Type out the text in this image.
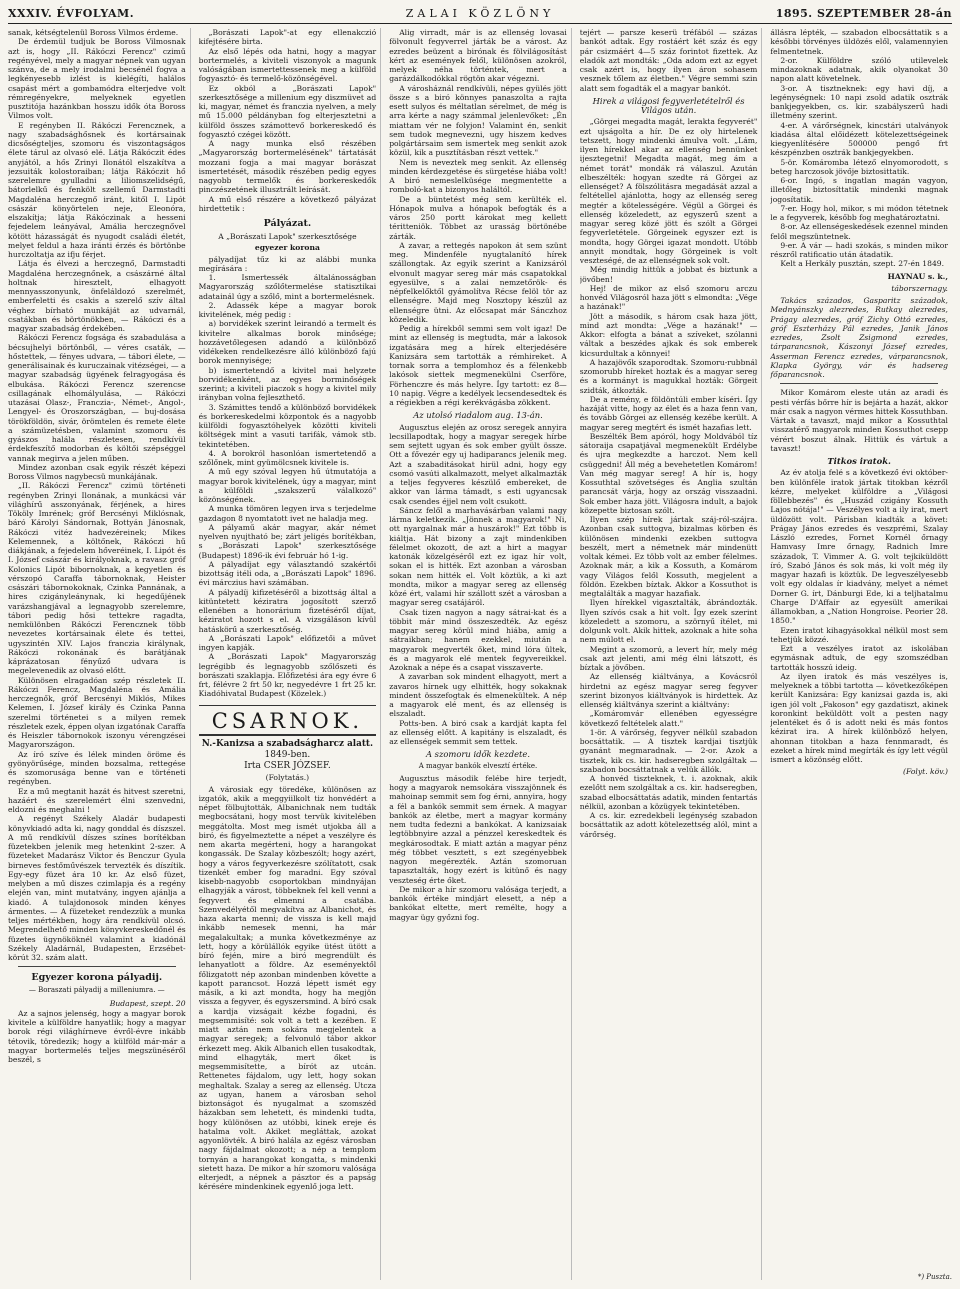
XXXIV. ÉVFOLYAM.	ZALAI KÖZLÖNY	1895. SZEPTEMBER 28-án

sanak, kétségtelenül Boross Vilmos érdeme.

De érdemül tudjuk be Boross Vilmosnak azt is, hogy „II. Rákóczi Ferencz" czimű regényével, mely a magyar népnek van ugyan szánva, de a mely irodalmi becsénél fogva a legkényesebb izlést is kielégíti, halálos csapást mért a gombamódra elterjedve volt rémregényekre, melyeknek egyetlen pusztitója hazánkban hosszu idők óta Boross Vilmos volt.

E regényben II. Rákóczi Ferencznek, a nagy szabadsághősnek és kortársainak dicsőségteljes, szomoru és viszontagságos élete tárul az olvasó elé. Látja Rákóczit édes anyjától, a hős Zrinyi Ilonától elszakítva a jezsuiták kolostoraiban; látja Rákóczit hő szerelemre gyulladni a liliomszelidségű, bátorlelkű és fenkölt szellemű Darmstadti Magdaléna herczegnő iránt, kitől I. Lipót császár könyörtelen neje, Eleonóra, elszakítja; látja Rákóczinak a hesseni fejedelem leányával, Amália herczegnővel kötött házasságát és nyugodt családi életét, melyet feldul a haza iránti érzés és börtönbe hurczoltatja az ifju férjet.

Látja és élvezi a herczegnő, Darmstadti Magdaléna herczegnőnek, a császárné által holtnak hiresztelt, elhagyott mennyasszonyunk, önfeláldozó szerelmét, emberfeletti és csakis a szerelő szív által véghez bírható munkáját az udvarnál, csatákban és börtönökben, — Rákóczi és a magyar szabadság érdekében.

Rákóczi Ferencz fogsága és szabadulása a bécsujhelyi börtönből, — véres csaták, — hőstettek, — fényes udvara, — tábori élete, — generálisainak és kuruczainak vitézségei, — a magyar szabadság ügyének felragyogása és elbukása. Rákóczi Ferencz szerencse csillagának elhomályulása, — Rákóczi utazásai Olasz-, Franczia-, Német-, Angol-, Lengyel- és Oroszországban, — buj-dosása törökföldön, sivár, örömtelen és remete élete a számüzetésben, valamint szomoru és gyászos halála részletesen, rendkívül érdekfeszítő modorban és költői szépséggel vannak megirva a jelen műben.

Mindez azonban csak egyik részét képezi Boross Vilmos nagybecsü munkájának.

„II. Rákóczi Ferencz" czimü történeti regényben Zrinyi Ilonának, a munkácsi vár világhírű asszonyának, férjének, a hires Tököly Imrének; gróf Bercsényi Miklósnak, báró Károlyi Sándornak, Bottyán Jánosnak, Rákóczi vitéz hadvezéreinek; Mikes Kelemennek, a költőnek, Rákóczi hű diákjának, a fejedelem hőveréinek, I. Lipót és I. József császár és királyoknak, a ravasz gróf Kolonics Lipót bibornoknak, a kegyetlen és vérszopó Caraffa tábornoknak, Heister császári tábornokoknak, Czinka Pannának, a hires czigányleánynak, ki hegedűjének varázshangjával a legnagyobb szerelemre, tábori pedig hősi tettekre ragadta, nemkülönben Rákóczi Ferencznek több nevezetes kortársainak élete és tettei, ugyszintén XIV. Lajos franczia királynak, Rákóczi rokonának és barátjának káprázatosan fényűző udvara is megelevenedik az olvasó előtt.

Különösen elragadóan szép részletek II. Rákóczi Ferencz, Magdaléna és Amália herczegnők, gróf Bercsényi Miklós, Mikes Kelemen, I. József király és Czinka Panna szerelmi történetei s a milyen remek részletek ezek, éppen olyan izgatónak Caraffa és Heiszler tábornokok iszonyu vérengzései Magyarországon.

Az író szíve és lélek minden öröme és gyönyörűsége, minden bozsalma, rettegése és szomorusága benne van e történeti regényben.

Ez a mű megtanit hazát és hitvest szeretni, hazáért és szerelemért élni szenvedni, eldozni és meghalni !

A regényt Székely Aladár budapesti könyvkiadó adta ki, nagy gonddal és díszszel. A mű rendkívül díszes színes borítékban füzetekben jelenik meg hetenkint 2-szer. A füzeteket Madarász Viktor és Benczur Gyula birneves festőművészek tervezték és díszítik. Egy-egy füzet ára 10 kr. Az első füzet, melyben a mű diszes czimlapja és a regény elején van, mint mutatvány, ingyen ajánlja a kiadó. A tulajdonosok minden kényes ármentes. — A füzeteket rendezzük a munka teljes mértékben, hogy ára rendkívül olcsó. Megrendelhető minden könyvkereskedőnél és füzetes ügynököknél valamint a kiadónál Székely Aladárnál, Budapesten, Erzsébet-körút 32. szám alatt.

Egyezer korona pályadij.
— Boraszati pályadij a milleniumra. —
Budapest, szept. 20

Az a sajnos jelenség, hogy a magyar borok kivitele a külföldre hanyatlik; hogy a magyar borok régi világhírneve évről-évre inkább tétovik, töredezik; hogy a külföld már-már a magyar bortermelés teljes megszünéséről beszél, s

„Borászati Lapok"-at egy ellenakczió kifejtésére birta.

Az első lépés oda hatni, hogy a magyar bortermelés, a kiviteli viszonyok a magunk valóságában ismertettessenek meg a külföld fogyasztó- és termelő-közönségével.

Ez okból a „Borászati Lapok" szerkesztősége a millenium egy diszmüvet ad ki, magyar, német és franczia nyelven, a mely mű 15.000 példányban fog elterjesztetni a külföld összes számottevő borkereskedő és fogyasztó czégei között.

A nagy munka első részében „Magyarország bortermelésének" tártatását mozzani fogja a mai magyar borászat ismertetését, második részében pedig egyes nagyobb termelők és borkereskedők pinczészetének illusztrált leírását.

A mű első részére a következő pályázat hirdettetik :

Pályázat.
A „Borászati Lapok" szerkesztősége
egyezer korona

pályadíjat tűz ki az alábbi munka megírására :

1. Ismertessék általánosságban Magyarország szőlőtermelése statisztikai adatainál úgy a szőlő, mint a bortermelésnek.

2. Adassék képe a magyar borok kivitelének, még pedig :

a) borvidékek szerint leirandó a termelt és kivitelre alkalmas borok minősége; hozzávetőlegesen adandó a különböző vidékeken rendelkezésre álló különböző fajú borok mennyisége;

b) ismertetendő a kivitel mai helyzete borvidékenként, az egyes borminőségek szerint; a kiviteli piaczok s hogy a kivitel mily irányban volna fejleszthető.

3. Számittes tendő a különböző borvidékek és borkereskedelmi központok és a nagyobb külföldi fogyasztóhelyek közötti kiviteli költségek mint a vasuti tarifák, vámok stb. tekintetében.

4. A borokról hasonlóan ismertetendő a szőlőnek, mint gyümölcsnek kivitele is.

A mű egy szóval legyen hű útmutatója a magyar borok kivitelének, úgy a magyar, mint a külföldi „szakszerű válalkozó" közönségének.

A munka tömören legyen irva s terjedelme gazdagon 8 nyomtatott ivet ne haladja meg.

A pályamű akár magyar, akár német nyelven nyujtható be; zárt jeligés borítékban, s „Borászati Lapok" szerkesztősége (Budapest) 1896-ik évi február hó 1-ig.

A pályadíjat egy választandó szakértői bizottság itéli oda, a „Borászati Lapok" 1896. évi márczius havi számában.

A pályadíj kifizetéséről a bizottság által a kitüntetett kéziratra jogosított szerző ellenében a honorárium fizetéséről díjat, kéziratot hozott s el. A vizsgáláson kívül hatáskörű a szerkesztőség.

A „Borászati Lapok" előfizetői a művet ingyen kapják.

A „Borászati Lapok" Magyarország legrégibb és legnagyobb szőlőszeti és borászati szaklapja. Előfizetési ára egy évre 6 frt, félévre 2 frt 50 kr, negyedévre 1 frt 25 kr. Kiadóhivatal Budapest (Közelek.)

CSARNOK.
N.-Kanizsa a szabadságharcz alatt.
1849-ben.
Irta CSER JÓZSEF.
(Folytatás.)

A városiak egy töredéke, különösen az izgatók, akik a meggyiilkolt tiz honvédért a népet fölbujtották, Albanichnak nem tudták megbocsátani, hogy most tervük kivitelében meggátolta. Most meg ismét utjokba áll a biró, és figyelmeztette a népet a veszélyre és nem akarta megérteni, hogy a harangokat kongassák. De Szalay közbeszólt; hogy azért, hogy a város fegyverkezésre szólítatott, csak tizenkét ember fog maradni. Egy szóval kisebb-nagyobb csoportokban mindnyájan elhagyják a várost, többeknek fel kell venni a fegyvert és elmenni a csatába. Szenvedélyétől megvakítva az Albanichot, és haza akarta menni; de vissza is kell majd inkább nemesek menni, ha már megalakultak; a munka következménye az lett, hogy a körülállók egyike ütést ütött a bíró fején, mire a biró megrendült és lehanyatlott a földre. Az eseményektől főlizgatott nép azonban mindenben követte a kapott parancsot. Hozzá lépett ismét egy másik, a ki azt mondta, hogy ha megjön vissza a fegyver, és egyszersmind. A bíró csak a kardja vizságait kézbe fogadni, és megsemmisíté: sok volt a tett a kezében. E miatt aztán nem sokára megjelentek a magyar seregek; a felvonuló tábor akkor érkezett meg. Akik Albanich ellen tusakodtak, mind elhagyták, mert őket is megsemmisítette, a bírót az utcán. Rettenetes fájdalom, ugy lett, hogy sokan meghaltak. Szalay a sereg az ellenség. Utcza az ugyan, hanem a városban sehol biztonságot és nyugalmat a szomszéd házakban sem lehetett, és mindenki tudta, hogy különösen az utóbbi, kinek ereje és hatalma volt. Akiket megláttak, azokat agyonlövték. A biró halála az egész városban nagy fájdalmat okozott; a nép a templom tornyán a harangokat kongatta, s mindenki sietett haza. De mikor a hír szomoru valósága elterjedt, a népnek a pásztor és a papság kérésére mindenkinek egyenlő joga lett.

Alig virradt, már is az ellenség lovasai fölvonult fegyverrel járták be a várost. Az ezredes beüzent a birónak és fölvilágosítást kért az események felől, különösen azokról, melyek néha történtek, mert a garázdálkodókkal rögtön akar végezni.

A városháznál rendkívüli, népes gyülés jött össze s a biró könnyes panaszolta a rajta esett sulyos és méltatlan sérelmet, de még is arra kérte a nagy számmal jelenlevőket: „Én miattam vér ne folyjon! Valamint én, senkit sem tudok megnevezni, ugy hiszem kedves polgártársaim sem ismertek meg senkit azok közül, kik a pusztításban részt vettek."

Nem is neveztek meg senkit. Az ellenség minden kérdezgetése és sürgetése hiába volt! A biró nemeslelküsége megmentette a romboló-kat a bizonyos haláltól.

De a büntetést még sem kerülték el. Hónapok mulva a hónapok befogták és a város 250 portt károkat meg kellett téritteniök. Többet az urasság börtönébe zárták.

A zavar, a rettegés napokon át sem szünt meg. Mindenféle nyugtalanító hírek szállongtak. Az egyik szerint a Kanizsáról elvonult magyar sereg már más csapatokkal egyesülve, s a zalai nemzetőrök- és népfelkelőktől gyámolítva Récse felöl tör az ellenségre. Majd meg Nosztopy készül az ellenségre ütni. Az előcsapat már Sánczhoz közeledik.

Pedig a hírekből semmi sem volt igaz! De mint az ellenség is megtudta, már a lakosok izgatására meg a hírek elterjedésére Kanizsára sem tartották a rémhireket. A tornak sorra a templomhoz és a félenkebb lakósok siettek megmenekülni Cserföre, Förhenczre és más helyre. Így tartott: ez 8—10 napig. Végre a kedélyek lecsendesedtek és a régiekben a régi kerékvágásba zökkent.

Az utolsó riadalom aug. 13-án.

Augusztus elején az orosz seregek annyira lecsillapodtak, hogy a magyar seregek hírbe sem sejtett ugyan és sok ember gyült össze. Ott a fővezér egy uj hadiparancs jelenik meg. Azt a szabaditásokat hirül adni, hogy egy csomó vasúti alkalmazott, melyet alkalmazták a teljes fegyveres készülő embereket, de akkor van lárma támadt, s esti ugyancsak csak csendes éjjel nem volt csukott.

Sáncz felől a marhavásárban valami nagy lárma keletkezik. „Jönnek a magyarok!" Ni, ott nyargalnak már a huszárok!" Ezt több is kiáltja. Hát bizony a zajt mindenkiben félelmet okozott, de azt a hirt a magyar katonák közelgéséről ezt ez igaz hír volt, sokan el is hitték. Ezt azonban a városban sokan nem hitték el. Volt köztük, a ki azt mondta, mikor a magyar sereg az ellenség közé ért, valami hír szállott szét a városban a magyar sereg csatájáról.

Csak tizen nagyon a nagy sátrai-kat és a többit már mind összeszedték. Az egész magyar sereg körül mind hiába, amig a sátraikban; hanem ezekkel, miután a magyarok megverték őket, mind lóra ültek, és a magyarok elé mentek fegyvereikkel. Azoknak a népe és a csapat visszaverte.

A zavarban sok mindent elhagyott, mert a zavaros hírnek ugy elhitték, hogy sokaknak mindent összefogtak és elmenekültek. A nép a magyarok elé ment, és az ellenség is elszaladt.

Potts-ben. A biró csak a kardját kapta fel az ellenség előtt. A kapitány is elszaladt, és az ellenségek semmit sem tettek.

A szomoru idők kezdete.
A magyar bankók elvesztí értéke.

Augusztus második felébe hire terjedt, hogy a magyarok nemsokára visszajönnek és mahoinap semmit sem fog érni, annyira, hogy a fél a bankók semmit sem érnek. A magyar bankók az életbe, mert a magyar kormány nem tudta fedezni a bankókat. A kanizsaiak legtöbbnyire azzal a pénzzel kereskedtek és megkárosodtak. E miatt aztán a magyar pénz még többet vesztett, s ezt szegényebbek nagyon megérezték. Aztán szomoruan tapasztalták, hogy ezért is kitünő és nagy veszteség érte őket.

De mikor a hír szomoru valósága terjedt, a bankók értéke mindjárt elesett, a nép a bankókat eltette, mert remélte, hogy a magyar ügy győzni fog.

tejért — parsze keserü tréfából — százas bankót adtak. Egy rostáért két száz és egy pár csizmáért 4—5 száz forintot fizettek. Az eladók azt mondták: „Oda adom ezt az egyet csak azért is, hogy ilyen áron sohasem vesznek tőlem az életben." Végre semmi szin alatt sem fogadták el a magyar bankót.

Hirek a világosi fegyverletételről és Világos után.

„Görgei megadta magát, lerakta fegyverét" ezt ujságolta a hír. De ez oly hirtelenek tetszett, hogy mindenki ámulva volt. „Lám, ilyen hírekkel akar az ellenség bennünket ijesztegetni! Megadta magát, meg ám a német torát" mondák rá válaszul. Azután elbeszélték: hogyan szedte rá Görgei az ellenséget? A fölszólitásra megadását azzal a feltétellel ajánlotta, hogy az ellenség sereg megtér a kötelességére. Végül a Görgei és ellenség közeledett, az egyszerű szent a magyar sereg közé jött és szólt a Görgei fegyverletétele. Görgeinek egyszer ezt is mondta, hogy Görgei igazat mondott. Utóbb annyit mondtak, hogy Görgeinek is volt veszteségé, de az ellenségnek sok volt.

Még mindig hittük a jobbat és biztunk a jövőben!

Hej! de mikor az első szomoru arczu honvéd Világosról haza jött s elmondta: „Vége a hazának!"

Jött a második, s három csak haza jött, mind azt mondta: „Vége a hazának!" — Akkor: elfogta a bánat a szíveket, szólanni váltak a beszédes ajkak és sok emberek kicsurdultak a könnyei!

A hazajövők szaporodtak. Szomoru-rubbnál szomorubb híreket hoztak és a magyar sereg és a kormányt is magukkal hozták: Görgeit szidták, átkozták.

De a remény, e földöntúli ember kíséri. Így hazáját vitte, hogy az élet és a haza fenn van, és tovább Görgei az ellenség kezébe került. A magyar sereg megtért és ismét hazafias lett.

Beszélték Bem apóról, hogy Moldvából tíz sátoraija csapatjával megmenekült Erdélybe és ujra megkezdte a harczot. Nem kell csüggedni! Áll még a bevehetetlen Komárom! Van még magyar sereg! A hír is, hogy Kossuthtal szövetséges és Anglia szultán parancsát várja, hogy az ország visszaadni. Sok ember haza jött. Világosra indult, a bajok közepette biztosan szólt.

Ilyen szép hírek jártak száj-ról-szájra. Azonban csak suttogva, bizalmas körben és különösen mindenki ezekben suttogva beszélt, mert a németnek már mindenütt voltak kémei. Ez több volt az ember félelmes. Azoknak már, a kik a Kossuth, a Komárom vagy Világos felől Kossuth, megjelent a földön. Ezekben bíztak. Akkor a Kossuthot is megtalálták a magyar hazafiak.

Ilyen hírekkel vigasztalták, ábrándozták. Ilyen szívós csak a hit volt. Így ezek szerint közeledett a szomoru, a szörnyű ítélet, mi dolgunk volt. Akik hittek, azoknak a hite soha nem múlott el.

Megint a szomorú, a levert hír, mely még csak azt jelenti, ami még élni látszott, és bíztak a jövőben.

Az ellenség kiáltványa, a Kovácsról hirdetni az egész magyar sereg fegyver szerint bizonyos kiáltványok is hirdettek. Az ellenség kiáltványa szerint a kiáltvány:

„Komáromvár ellenében egyességre következő feltételek alatt."

1-ör. A várőrség, fegyver nélkül szabadon bocsáttatik. — A tisztek kardjai tisztjük gyanánt megmaradnak. — 2-or. Azok a tisztek, kik cs. kir. hadseregben szolgáltak — szabadon bocsáttatnak a velük állók.

A honvéd tiszteknek, t. i. azoknak, akik ezelőtt nem szolgáltak a cs. kir. hadseregben, szabad elbocsáttatás adatik, minden fentartás nélkül, azonban a közügyek tekintetében.

A cs. kir. ezredekbeli legénység szabadon bocsáttatik az adott kötelezettség alól, mint a várőrség.

állásra lépték, — szabadon elbocsáttatik s a későbbi törvényes üldözés elől, valamennyien felmentetnek.

2-or. Külföldre szóló utilevelek mindazoknak adatnak, akik olyanokat 30 napon alatt követelnek.

3-or. A tisztneknek: egy havi díj, a legénységnek: 10 napi zsold adatik osztrák bankjegyekben, cs. kir. szabályszerű hadi illetmény szerint.

4-er. A várőrségnek, kincstári utalványok kiadása által előidézett kötelezettségeinek kiegyenlítésére 500000 pengő frt készpénzben osztrák bankjegyekben.

5-ör. Komáromba létező elnyomorodott, s beteg harczosok jövője biztosittatik.

6-or. Ingó, s ingatlan magán vagyon, illetőleg biztosíttatik mindenki magnak jogosítatik.

7-er. Hogy hol, mikor, s mi módon tétetnek le a fegyverek, később fog meghatároztatni.

8-or. Az ellenségeskedések ezennel minden felől megszüntetnek.

9-er. A vár — hadi szokás, s minden mikor részről ratificatio után átadatik.

Kelt a Herkály pusztán, szept. 27-én 1849.

HAYNAU s. k.,
táborszernagy.

Takács százados, Gasparitz századok, Mednyánszky alezredes, Rutkay alezredes, Prágay alezredes, gróf Zichy Ottó ezredes, gróf Eszterházy Pál ezredes, Janik János ezredes, Zsolt Zsigmond ezredes, tárparancsnok, Kászonyi József ezredes, Asserman Ferencz ezredes, várparancsnok, Klapka György, vár és hadsereg főparancsnok.

Mikor Komárom eleste után az aradi és pesti vérfás bőrre hír is bejárta a hazát, akkor már csak a nagyon vérmes hittek Kossuthban. Vártak a tavaszt, majd mikor a Kossuthtal visszatérő magyarok minden Kossuthot csepp vérért boszut álnak. Hittük és vártuk a tavaszt!

Titkos iratok.

Az év atolja felé s a következő évi október-ben különféle iratok jártak titokban kézről kézre, melyeket külföldre a „Világosi föllebbezés" és „Huszád czigány Kossuth Lajos nótája!" — Veszélyes volt a ily irat, mert üldözött volt. Párisban kiadták a követ: Prágay János ezredes és veszprémi, Szalay László ezredes, Fornet Kornél őrnagy Hamvasy Imre őrnagy, Radnich Imre századok, T. Vimmer A. G. volt tejkiküldött író, Szabó János és sok más, ki volt még ily magyar hazafi is köztük. De legveszélyesebb volt egy oldalas ír kiadvány, melyet a német Dorner G. írt, Dánburgi Ede, ki a teljhatalmu Charge D'Affair az egyesült amerikai államokban, a „Nation Hongroise. Peorier 28. 1850."

Ezen iratot kihagyásokkal nélkül most sem tehetjük közzé.

Ezt a veszélyes iratot az iskolában egymásnak adtuk, de egy szomszédban tartották hosszú ideig.

Az ilyen iratok és más veszélyes is, melyeknek a többi tartotta — következőképen került Kanizsára: Egy kanizsai gazda is, aki igen jól volt „Fakoson" egy gazdatiszt, akinek koronkint beküldött volt a pesten nagy jelentéket és ő is adott neki és más fontos kézirat ira. A hírek különböző helyen, ahonnan titokban a haza fennmaradt, és ezeket a hírek mind megírták és így lett végül ismert a közönség előtt.

(Folyt. köv.)
*) Puszta.
